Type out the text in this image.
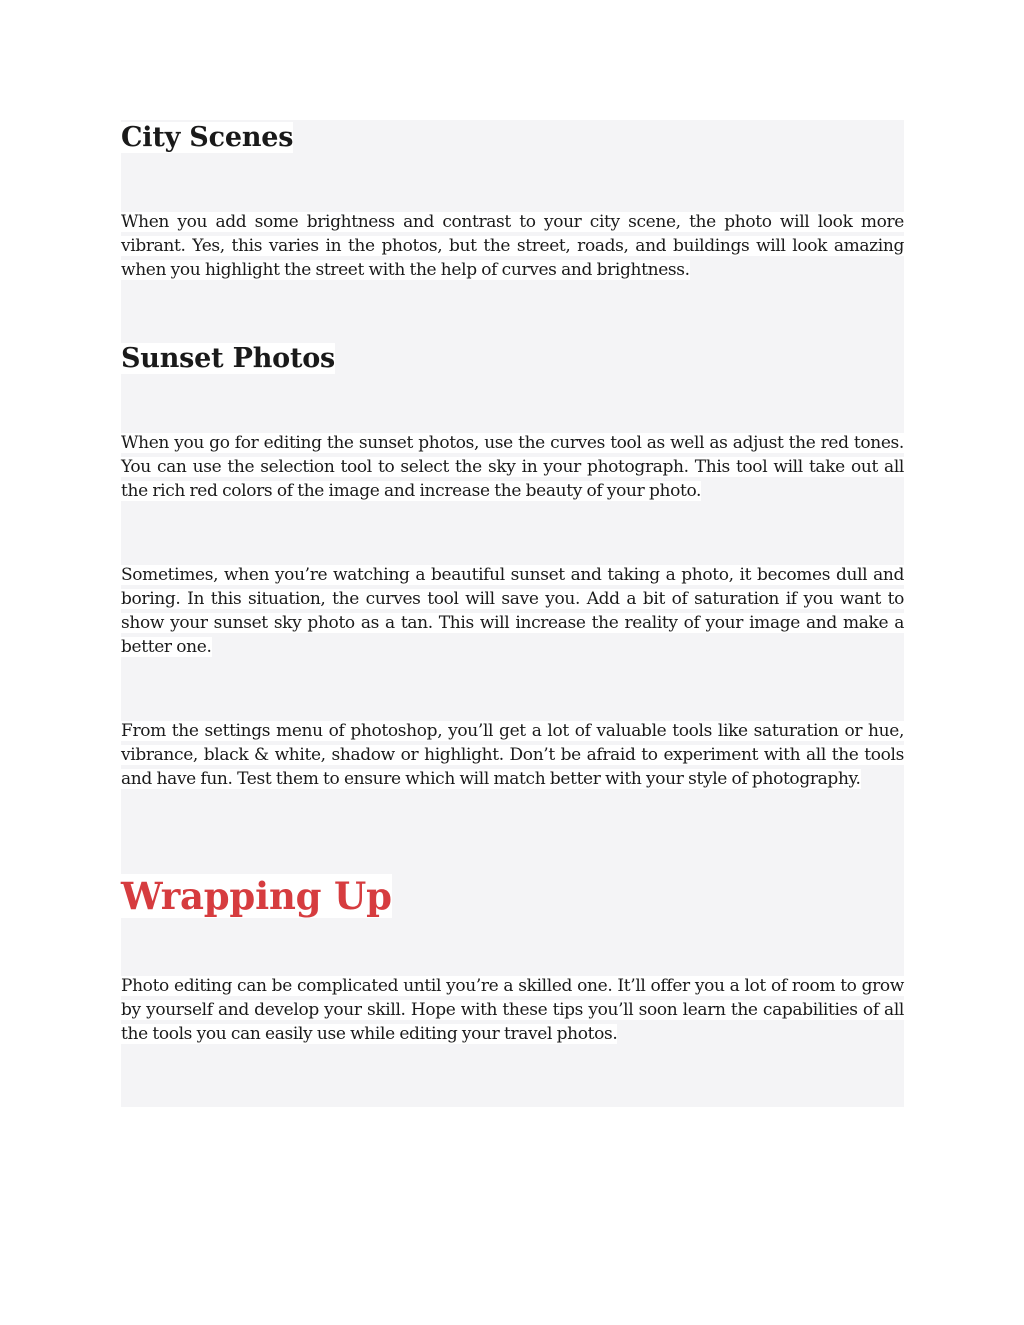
City Scenes

When you add some brightness and contrast to your city scene, the photo will look more vibrant. Yes, this varies in the photos, but the street, roads, and buildings will look amazing when you highlight the street with the help of curves and brightness.

Sunset Photos

When you go for editing the sunset photos, use the curves tool as well as adjust the red tones. You can use the selection tool to select the sky in your photograph. This tool will take out all the rich red colors of the image and increase the beauty of your photo.

Sometimes, when you’re watching a beautiful sunset and taking a photo, it becomes dull and boring. In this situation, the curves tool will save you. Add a bit of saturation if you want to show your sunset sky photo as a tan. This will increase the reality of your image and make a better one.

From the settings menu of photoshop, you’ll get a lot of valuable tools like saturation or hue, vibrance, black & white, shadow or highlight. Don’t be afraid to experiment with all the tools and have fun. Test them to ensure which will match better with your style of photography.

Wrapping Up

Photo editing can be complicated until you’re a skilled one. It’ll offer you a lot of room to grow by yourself and develop your skill. Hope with these tips you’ll soon learn the capabilities of all the tools you can easily use while editing your travel photos.
